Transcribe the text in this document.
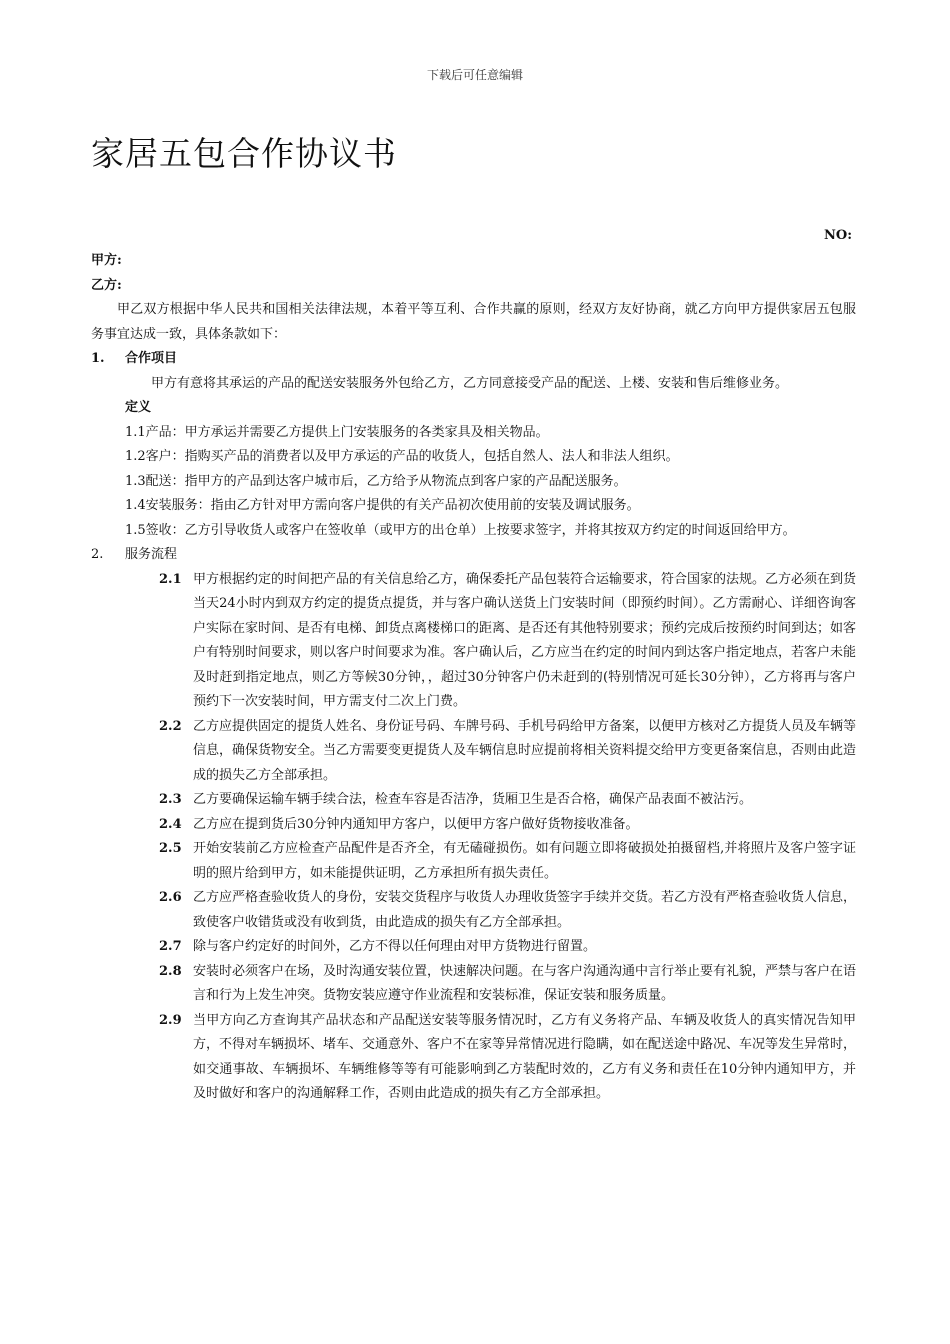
下载后可任意编辑
家居五包合作协议书
NO:

甲方:

乙方:

甲乙双方根据中华人民共和国相关法律法规，本着平等互利、合作共赢的原则，经双方友好协商，就乙方向甲方提供家居五包服务事宜达成一致，具体条款如下：

1.	合作项目

甲方有意将其承运的产品的配送安装服务外包给乙方，乙方同意接受产品的配送、上楼、安装和售后维修业务。

定义

1.1产品：甲方承运并需要乙方提供上门安装服务的各类家具及相关物品。

1.2客户：指购买产品的消费者以及甲方承运的产品的收货人，包括自然人、法人和非法人组织。

1.3配送：指甲方的产品到达客户城市后，乙方给予从物流点到客户家的产品配送服务。

1.4安装服务：指由乙方针对甲方需向客户提供的有关产品初次使用前的安装及调试服务。

1.5签收：乙方引导收货人或客户在签收单（或甲方的出仓单）上按要求签字，并将其按双方约定的时间返回给甲方。

2.	服务流程
2.1 甲方根据约定的时间把产品的有关信息给乙方，确保委托产品包装符合运输要求，符合国家的法规。乙方必须在到货当天24小时内到双方约定的提货点提货，并与客户确认送货上门安装时间（即预约时间）。乙方需耐心、详细咨询客户实际在家时间、是否有电梯、卸货点离楼梯口的距离、是否还有其他特别要求；预约完成后按预约时间到达；如客户有特别时间要求，则以客户时间要求为准。客户确认后，乙方应当在约定的时间内到达客户指定地点，若客户未能及时赶到指定地点，则乙方等候30分钟，，超过30分钟客户仍未赶到的(特别情况可延长30分钟），乙方将再与客户预约下一次安装时间，甲方需支付二次上门费。
2.2 乙方应提供固定的提货人姓名、身份证号码、车牌号码、手机号码给甲方备案，以便甲方核对乙方提货人员及车辆等信息，确保货物安全。当乙方需要变更提货人及车辆信息时应提前将相关资料提交给甲方变更备案信息，否则由此造成的损失乙方全部承担。
2.3 乙方要确保运输车辆手续合法，检查车容是否洁净，货厢卫生是否合格，确保产品表面不被沾污。
2.4 乙方应在提到货后30分钟内通知甲方客户，以便甲方客户做好货物接收准备。
2.5 开始安装前乙方应检查产品配件是否齐全，有无磕碰损伤。如有问题立即将破损处拍摄留档,并将照片及客户签字证明的照片给到甲方，如未能提供证明，乙方承担所有损失责任。
2.6 乙方应严格查验收货人的身份，安装交货程序与收货人办理收货签字手续并交货。若乙方没有严格查验收货人信息，致使客户收错货或没有收到货，由此造成的损失有乙方全部承担。
2.7 除与客户约定好的时间外，乙方不得以任何理由对甲方货物进行留置。
2.8 安装时必须客户在场，及时沟通安装位置，快速解决问题。在与客户沟通沟通中言行举止要有礼貌，严禁与客户在语言和行为上发生冲突。货物安装应遵守作业流程和安装标准，保证安装和服务质量。
2.9 当甲方向乙方查询其产品状态和产品配送安装等服务情况时，乙方有义务将产品、车辆及收货人的真实情况告知甲方，不得对车辆损坏、堵车、交通意外、客户不在家等异常情况进行隐瞒，如在配送途中路况、车况等发生异常时，如交通事故、车辆损坏、车辆维修等等有可能影响到乙方装配时效的，乙方有义务和责任在10分钟内通知甲方，并及时做好和客户的沟通解释工作，否则由此造成的损失有乙方全部承担。
